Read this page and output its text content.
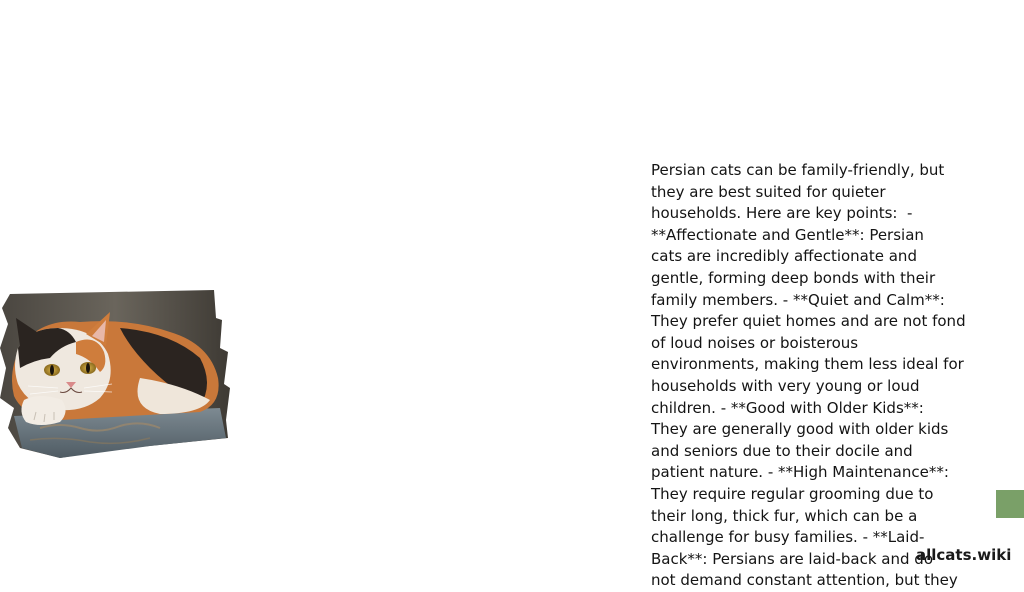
Persian cats can be family-friendly, but
they are best suited for quieter
households. Here are key points:  -
**Affectionate and Gentle**: Persian
cats are incredibly affectionate and
gentle, forming deep bonds with their
family members. - **Quiet and Calm**:
They prefer quiet homes and are not fond
of loud noises or boisterous
environments, making them less ideal for
households with very young or loud
children. - **Good with Older Kids**:
They are generally good with older kids
and seniors due to their docile and
patient nature. - **High Maintenance**:
They require regular grooming due to
their long, thick fur, which can be a
challenge for busy families. - **Laid-
Back**: Persians are laid-back and do
not demand constant attention, but they

allcats.wiki
